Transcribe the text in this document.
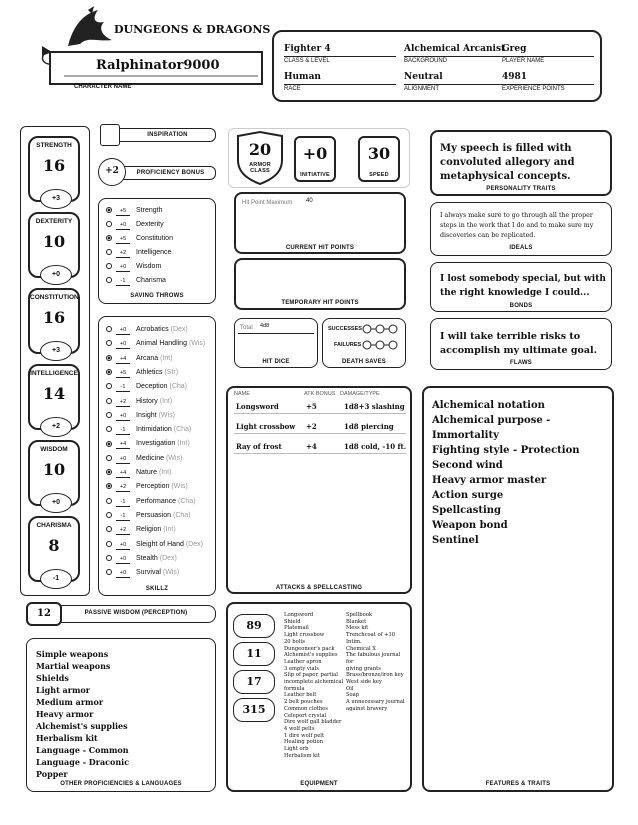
DUNGEONS & DRAGONS
Ralphinator9000
CHARACTER NAME
Fighter 4
CLASS & LEVEL
Alchemical Arcanist
BACKGROUND
Greg
PLAYER NAME
Human
RACE
Neutral
ALIGNMENT
4981
EXPERIENCE POINTS
STRENGTH
16
+3
DEXTERITY
10
+0
CONSTITUTION
16
+3
INTELLIGENCE
14
+2
WISDOM
10
+0
CHARISMA
8
-1
INSPIRATION
+2	PROFICIENCY BONUS
+5 Strength
+0 Dexterity
+5 Constitution
+2 Intelligence
+0 Wisdom
-1 Charisma
SAVING THROWS
+0 Acrobatics (Dex)
+0 Animal Handling (Wis)
+4 Arcana (Int)
+5 Athletics (Str)
-1 Deception (Cha)
+2 History (Int)
+0 Insight (Wis)
-1 Intimidation (Cha)
+4 Investigation (Int)
+0 Medicine (Wis)
+4 Nature (Int)
+2 Perception (Wis)
-1 Performance (Cha)
-1 Persuasion (Cha)
+2 Religion (Int)
+0 Sleight of Hand (Dex)
+0 Stealth (Dex)
+0 Survival (Wis)
SKILLZ
PASSIVE WISDOM (PERCEPTION)
12
Simple weapons
Martial weapons
Shields
Light armor
Medium armor
Heavy armor
Alchemist's supplies
Herbalism kit
Language - Common
Language - Draconic
Popper
OTHER PROFICIENCIES & LANGUAGES
20
ARMOR CLASS
+0
INITIATIVE
30
SPEED
Hit Point Maximum 40
CURRENT HIT POINTS
TEMPORARY HIT POINTS
Total 4d8
HIT DICE
SUCCESSES
FAILURES
DEATH SAVES
NAME	ATK BONUS DAMAGE/TYPE
Longsword	+5	1d8+3 slashing
Light crossbow +2	1d8 piercing
Ray of frost	+4	1d8 cold, -10 ft.
ATTACKS & SPELLCASTING
89
11
17
315
Longsword
Shield
Platemail
Light crossbow
20 bolts
Dungeoneer's pack
Alchemist's supplies
Leather apron
3 empty vials
Slip of paper, partial
incomplete alchemical
formula
Leather belt
2 belt pouches
Common clothes
Celeport crystal
Dire wolf gall bladder
4 wolf pelts
1 dire wolf pelt
Healing potion
Light orb
Herbalism kit
Spellbook
Blanket
Mess kit
Trenchcoat of +10 Intim.
Chemical X
The fabulous journal for
giving grants
Brass/bronze/iron key
West side key
Oil
Soap
A unnecessary journal
against bravery
EQUIPMENT
My speech is filled with convoluted allegory and metaphysical concepts.
PERSONALITY TRAITS
I always make sure to go through all the proper steps in the work that I do and to make sure my discoveries can be replicated.
IDEALS
I lost somebody special, but with the right knowledge I could...
BONDS
I will take terrible risks to accomplish my ultimate goal.
FLAWS
Alchemical notation
Alchemical purpose - Immortality
Fighting style - Protection
Second wind
Heavy armor master
Action surge
Spellcasting
Weapon bond
Sentinel
FEATURES & TRAITS
